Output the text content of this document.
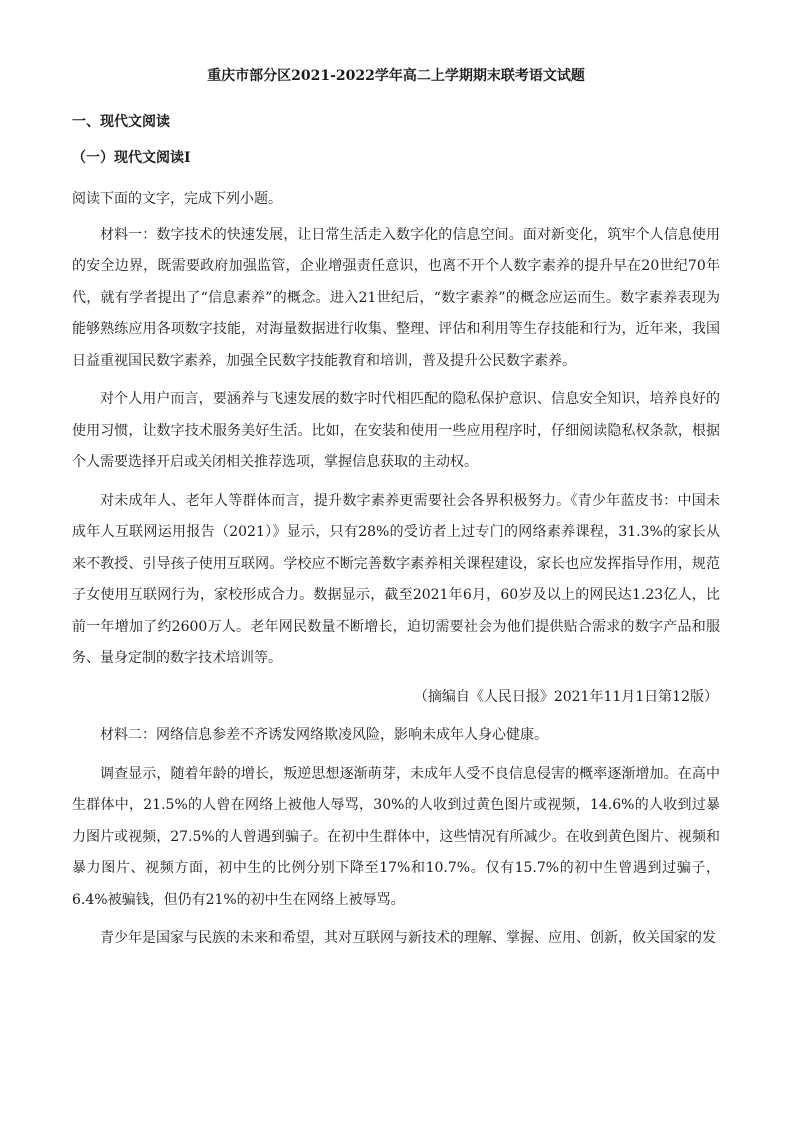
重庆市部分区2021-2022学年高二上学期期末联考语文试题
一、现代文阅读
（一）现代文阅读Ⅰ
阅读下面的文字，完成下列小题。
材料一：数字技术的快速发展，让日常生活走入数字化的信息空间。面对新变化，筑牢个人信息使用的安全边界，既需要政府加强监管，企业增强责任意识，也离不开个人数字素养的提升早在20世纪70年代，就有学者提出了“信息素养”的概念。进入21世纪后，“数字素养”的概念应运而生。数字素养表现为能够熟练应用各项数字技能，对海量数据进行收集、整理、评估和利用等生存技能和行为，近年来，我国日益重视国民数字素养，加强全民数字技能教育和培训，普及提升公民数字素养。
对个人用户而言，要涵养与飞速发展的数字时代相匹配的隐私保护意识、信息安全知识，培养良好的使用习惯，让数字技术服务美好生活。比如，在安装和使用一些应用程序时，仔细阅读隐私权条款，根据个人需要选择开启或关闭相关推荐选项，掌握信息获取的主动权。
对未成年人、老年人等群体而言，提升数字素养更需要社会各界积极努力。《青少年蓝皮书：中国未成年人互联网运用报告（2021）》显示，只有28%的受访者上过专门的网络素养课程，31.3%的家长从来不教授、引导孩子使用互联网。学校应不断完善数字素养相关课程建设，家长也应发挥指导作用，规范子女使用互联网行为，家校形成合力。数据显示，截至2021年6月，60岁及以上的网民达1.23亿人，比前一年增加了约2600万人。老年网民数量不断增长，迫切需要社会为他们提供贴合需求的数字产品和服务、量身定制的数字技术培训等。
（摘编自《人民日报》2021年11月1日第12版）
材料二：网络信息参差不齐诱发网络欺凌风险，影响未成年人身心健康。
调查显示，随着年龄的增长，叛逆思想逐渐萌芽，未成年人受不良信息侵害的概率逐渐增加。在高中生群体中，21.5%的人曾在网络上被他人辱骂，30%的人收到过黄色图片或视频，14.6%的人收到过暴力图片或视频，27.5%的人曾遇到骗子。在初中生群体中，这些情况有所减少。在收到黄色图片、视频和暴力图片、视频方面，初中生的比例分别下降至17%和10.7%。仅有15.7%的初中生曾遇到过骗子，6.4%被骗钱，但仍有21%的初中生在网络上被辱骂。
青少年是国家与民族的未来和希望，其对互联网与新技术的理解、掌握、应用、创新，攸关国家的发
